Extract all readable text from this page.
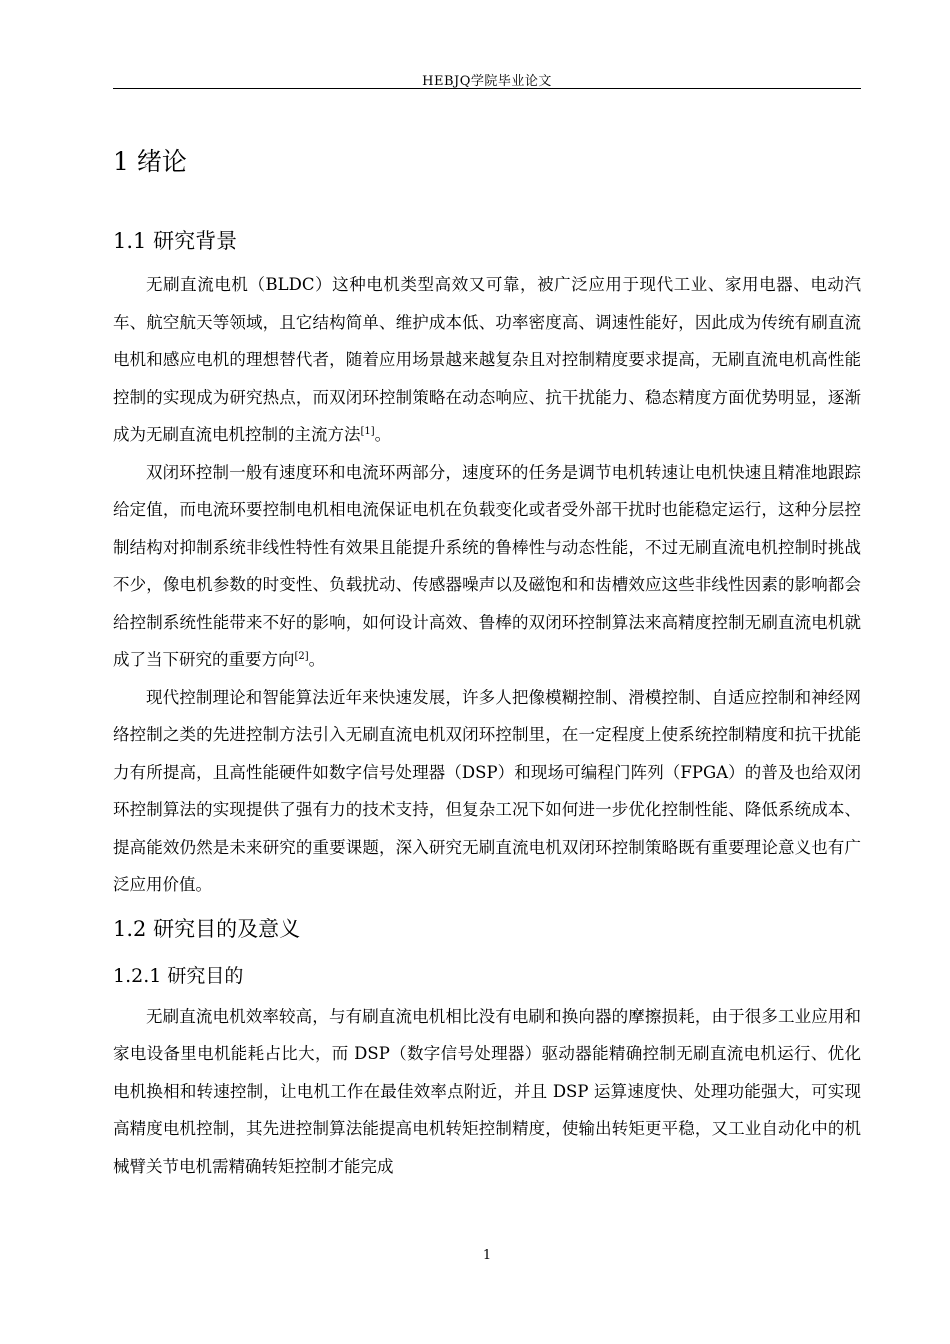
HEBJQ学院毕业论文
1 绪论
1.1 研究背景

无刷直流电机（BLDC）这种电机类型高效又可靠，被广泛应用于现代工业、家用电器、电动汽车、航空航天等领域，且它结构简单、维护成本低、功率密度高、调速性能好，因此成为传统有刷直流电机和感应电机的理想替代者，随着应用场景越来越复杂且对控制精度要求提高，无刷直流电机高性能控制的实现成为研究热点，而双闭环控制策略在动态响应、抗干扰能力、稳态精度方面优势明显，逐渐成为无刷直流电机控制的主流方法[1]。

双闭环控制一般有速度环和电流环两部分，速度环的任务是调节电机转速让电机快速且精准地跟踪给定值，而电流环要控制电机相电流保证电机在负载变化或者受外部干扰时也能稳定运行，这种分层控制结构对抑制系统非线性特性有效果且能提升系统的鲁棒性与动态性能，不过无刷直流电机控制时挑战不少，像电机参数的时变性、负载扰动、传感器噪声以及磁饱和和齿槽效应这些非线性因素的影响都会给控制系统性能带来不好的影响，如何设计高效、鲁棒的双闭环控制算法来高精度控制无刷直流电机就成了当下研究的重要方向[2]。

现代控制理论和智能算法近年来快速发展，许多人把像模糊控制、滑模控制、自适应控制和神经网络控制之类的先进控制方法引入无刷直流电机双闭环控制里，在一定程度上使系统控制精度和抗干扰能力有所提高，且高性能硬件如数字信号处理器（DSP）和现场可编程门阵列（FPGA）的普及也给双闭环控制算法的实现提供了强有力的技术支持，但复杂工况下如何进一步优化控制性能、降低系统成本、提高能效仍然是未来研究的重要课题，深入研究无刷直流电机双闭环控制策略既有重要理论意义也有广泛应用价值。

1.2 研究目的及意义
1.2.1 研究目的

无刷直流电机效率较高，与有刷直流电机相比没有电刷和换向器的摩擦损耗，由于很多工业应用和家电设备里电机能耗占比大，而 DSP（数字信号处理器）驱动器能精确控制无刷直流电机运行、优化电机换相和转速控制，让电机工作在最佳效率点附近，并且 DSP 运算速度快、处理功能强大，可实现高精度电机控制，其先进控制算法能提高电机转矩控制精度，使输出转矩更平稳，又工业自动化中的机械臂关节电机需精确转矩控制才能完成

1
